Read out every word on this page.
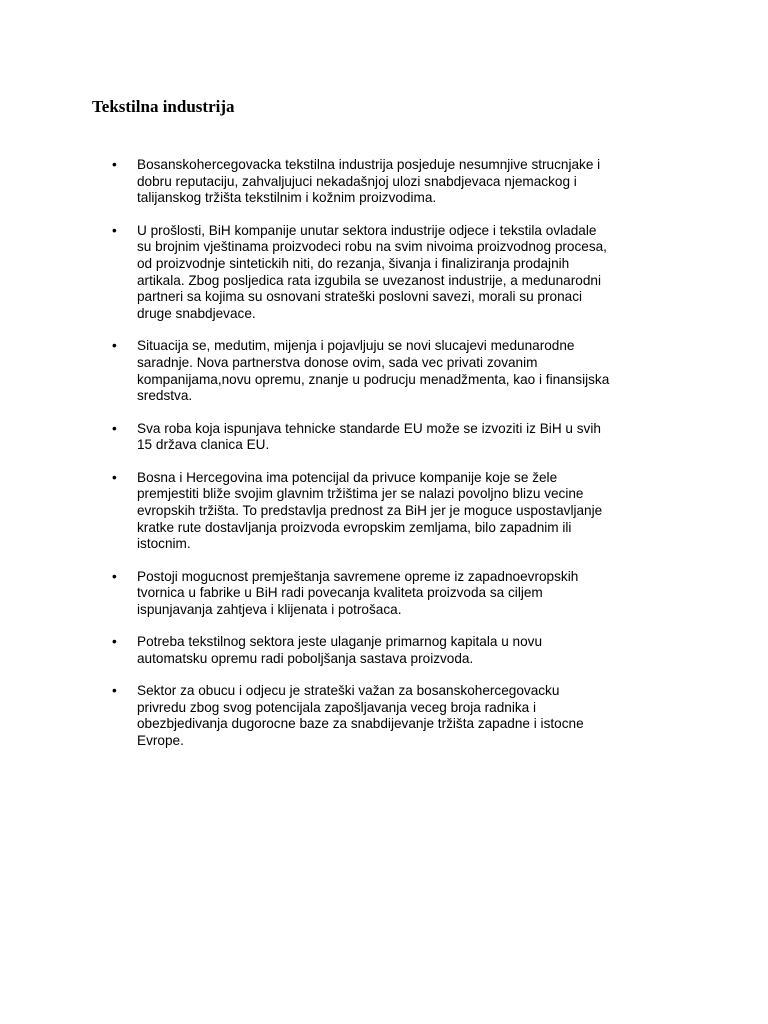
Tekstilna industrija
• Bosanskohercegovacka tekstilna industrija posjeduje nesumnjive strucnjake i
dobru reputaciju, zahvaljujuci nekadašnjoj ulozi snabdjevaca njemackog i
talijanskog tržišta tekstilnim i kožnim proizvodima.
• U prošlosti, BiH kompanije unutar sektora industrije odjece i tekstila ovladale
su brojnim vještinama proizvodeci robu na svim nivoima proizvodnog procesa,
od proizvodnje sintetickih niti, do rezanja, šivanja i finaliziranja prodajnih
artikala. Zbog posljedica rata izgubila se uvezanost industrije, a medunarodni
partneri sa kojima su osnovani strateški poslovni savezi, morali su pronaci
druge snabdjevace.
• Situacija se, medutim, mijenja i pojavljuju se novi slucajevi medunarodne
saradnje. Nova partnerstva donose ovim, sada vec privati zovanim
kompanijama,novu opremu, znanje u podrucju menadžmenta, kao i finansijska
sredstva.
• Sva roba koja ispunjava tehnicke standarde EU može se izvoziti iz BiH u svih
15 država clanica EU.
• Bosna i Hercegovina ima potencijal da privuce kompanije koje se žele
premjestiti bliže svojim glavnim tržištima jer se nalazi povoljno blizu vecine
evropskih tržišta. To predstavlja prednost za BiH jer je moguce uspostavljanje
kratke rute dostavljanja proizvoda evropskim zemljama, bilo zapadnim ili
istocnim.
• Postoji mogucnost premještanja savremene opreme iz zapadnoevropskih
tvornica u fabrike u BiH radi povecanja kvaliteta proizvoda sa ciljem
ispunjavanja zahtjeva i klijenata i potrošaca.
• Potreba tekstilnog sektora jeste ulaganje primarnog kapitala u novu
automatsku opremu radi poboljšanja sastava proizvoda.
• Sektor za obucu i odjecu je strateški važan za bosanskohercegovacku
privredu zbog svog potencijala zapošljavanja veceg broja radnika i
obezbjedivanja dugorocne baze za snabdijevanje tržišta zapadne i istocne
Evrope.
